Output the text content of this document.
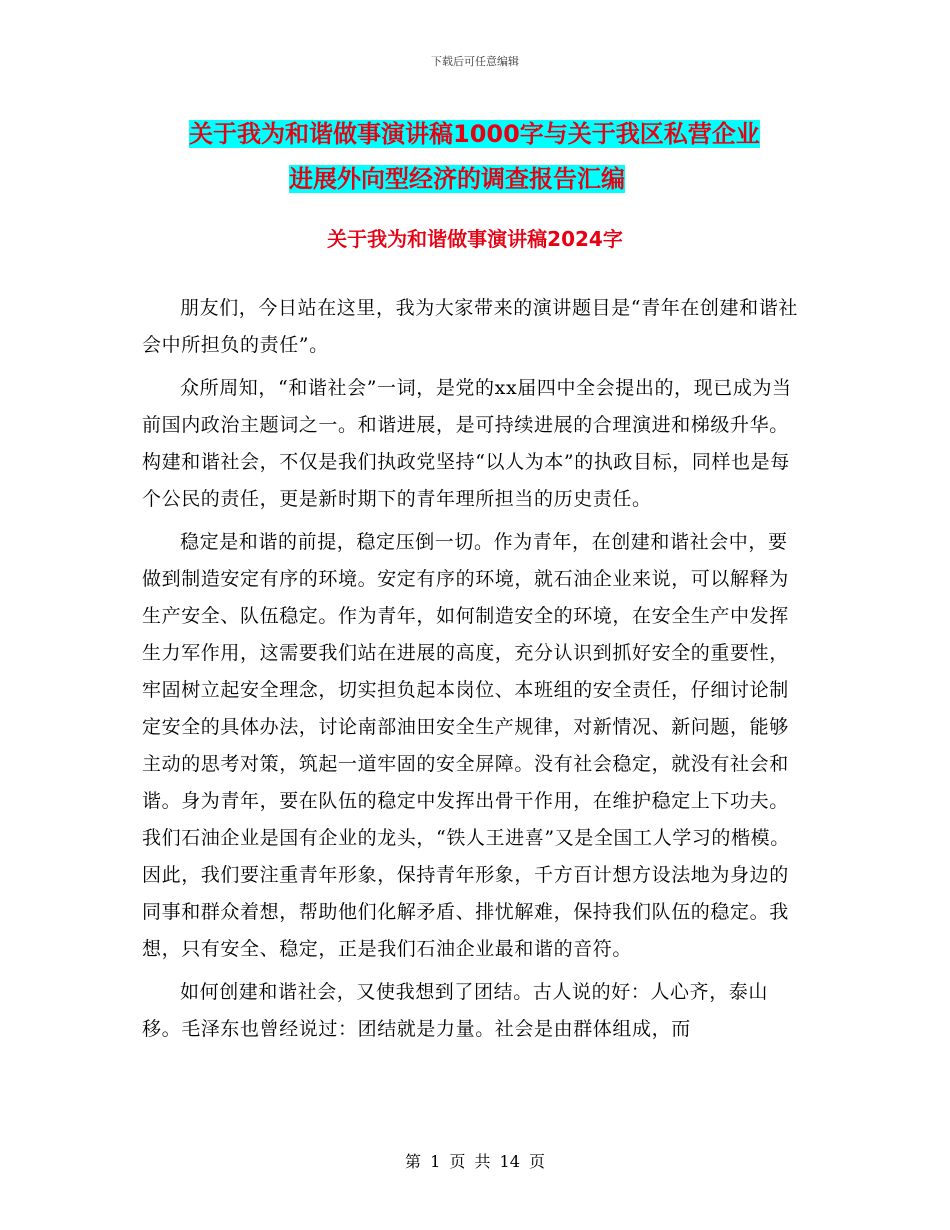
下载后可任意编辑
关于我为和谐做事演讲稿1000字与关于我区私营企业
进展外向型经济的调查报告汇编
关于我为和谐做事演讲稿2024字

朋友们，今日站在这里，我为大家带来的演讲题目是“青年在创建和谐社会中所担负的责任”。

众所周知，“和谐社会”一词，是党的xx届四中全会提出的，现已成为当前国内政治主题词之一。和谐进展，是可持续进展的合理演进和梯级升华。构建和谐社会，不仅是我们执政党坚持“以人为本”的执政目标，同样也是每个公民的责任，更是新时期下的青年理所担当的历史责任。

稳定是和谐的前提，稳定压倒一切。作为青年，在创建和谐社会中，要做到制造安定有序的环境。安定有序的环境，就石油企业来说，可以解释为生产安全、队伍稳定。作为青年，如何制造安全的环境，在安全生产中发挥生力军作用，这需要我们站在进展的高度，充分认识到抓好安全的重要性，牢固树立起安全理念，切实担负起本岗位、本班组的安全责任，仔细讨论制定安全的具体办法，讨论南部油田安全生产规律，对新情况、新问题，能够主动的思考对策，筑起一道牢固的安全屏障。没有社会稳定，就没有社会和谐。身为青年，要在队伍的稳定中发挥出骨干作用，在维护稳定上下功夫。我们石油企业是国有企业的龙头，“铁人王进喜”又是全国工人学习的楷模。因此，我们要注重青年形象，保持青年形象，千方百计想方设法地为身边的同事和群众着想，帮助他们化解矛盾、排忧解难，保持我们队伍的稳定。我想，只有安全、稳定，正是我们石油企业最和谐的音符。

如何创建和谐社会，又使我想到了团结。古人说的好：人心齐，泰山移。毛泽东也曾经说过：团结就是力量。社会是由群体组成，而

第 1 页 共 14 页
